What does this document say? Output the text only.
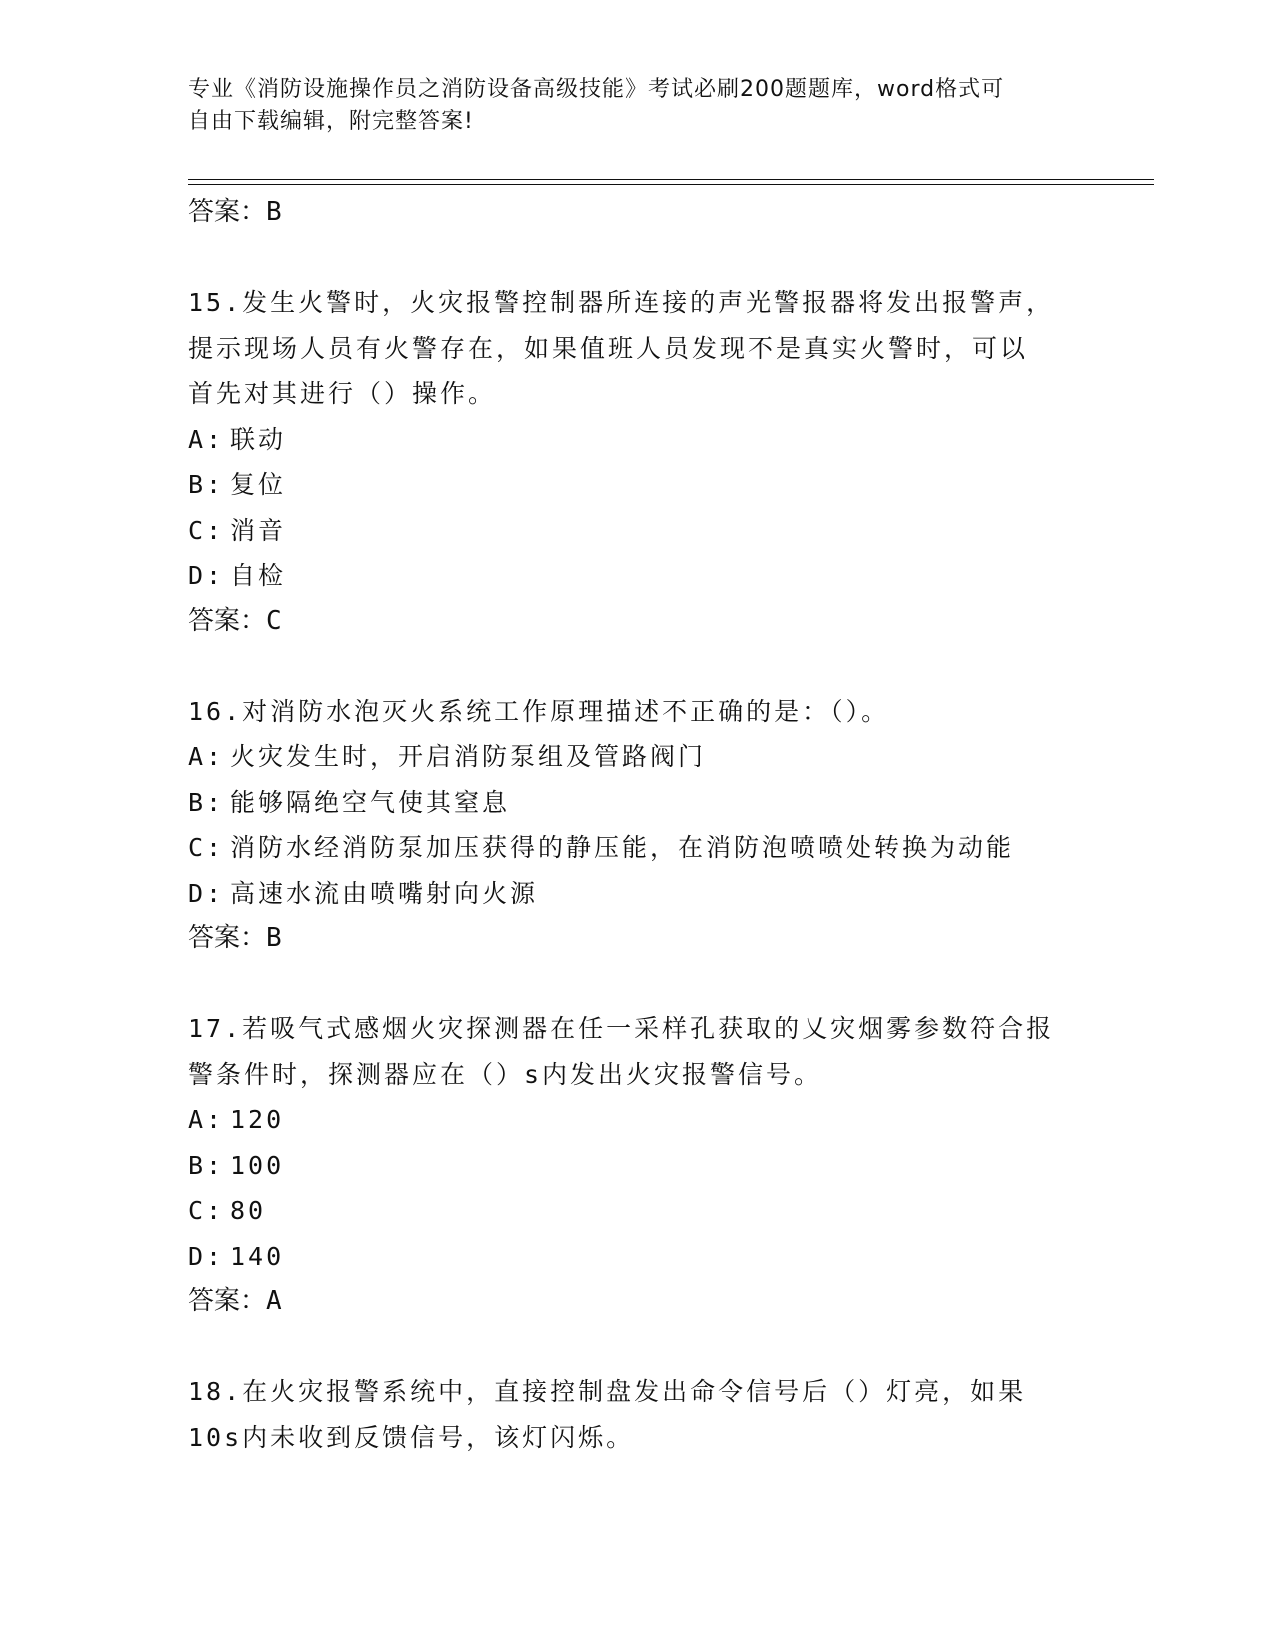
专业《消防设施操作员之消防设备高级技能》考试必刷200题题库，word格式可
自由下载编辑，附完整答案!
答案：B
15.发生火警时，火灾报警控制器所连接的声光警报器将发出报警声，
提示现场人员有火警存在，如果值班人员发现不是真实火警时，可以
首先对其进行（）操作。
A: 联动
B: 复位
C: 消音
D: 自检
答案：C
16.对消防水泡灭火系统工作原理描述不正确的是：（）。
A: 火灾发生时，开启消防泵组及管路阀门
B: 能够隔绝空气使其窒息
C: 消防水经消防泵加压获得的静压能，在消防泡喷喷处转换为动能
D: 高速水流由喷嘴射向火源
答案：B
17.若吸气式感烟火灾探测器在任一采样孔获取的乂灾烟雾参数符合报
警条件时，探测器应在（）s内发出火灾报警信号。
A: 120
B: 100
C: 80
D: 140
答案：A
18.在火灾报警系统中，直接控制盘发出命令信号后（）灯亮，如果
10s内未收到反馈信号，该灯闪烁。
